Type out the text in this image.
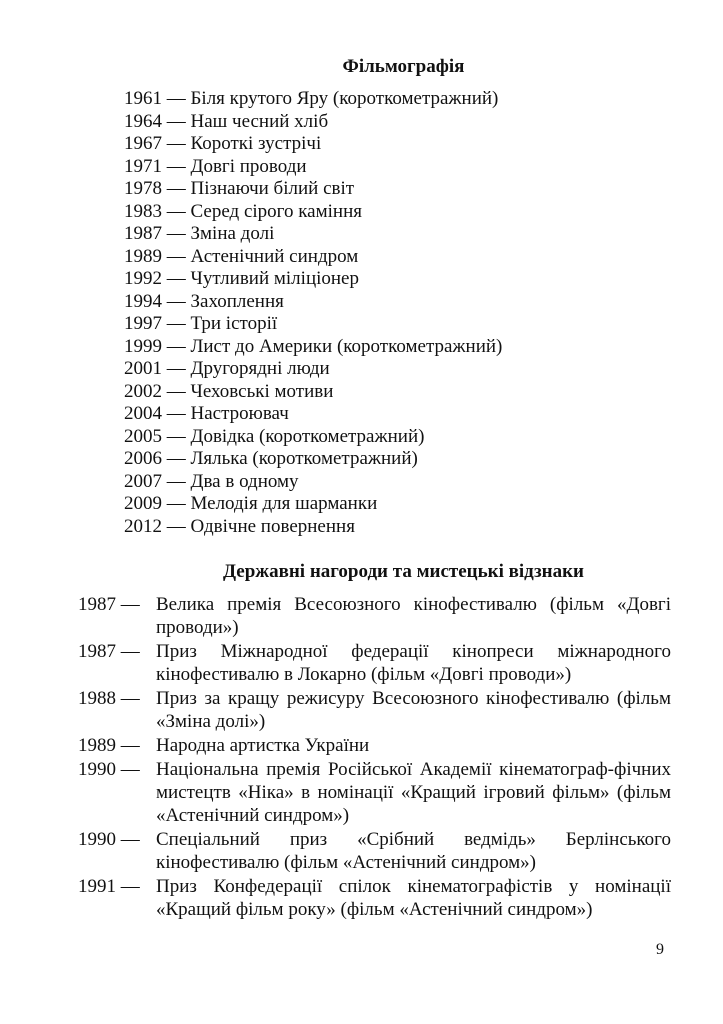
Фільмографія
1961 — Біля крутого Яру (короткометражний)
1964 — Наш чесний хліб
1967 — Короткі зустрічі
1971 — Довгі проводи
1978 — Пізнаючи білий світ
1983 — Серед сірого каміння
1987 — Зміна долі
1989 — Астенічний синдром
1992 — Чутливий міліціонер
1994 — Захоплення
1997 — Три історії
1999 — Лист до Америки (короткометражний)
2001 — Другорядні люди
2002 — Чеховські мотиви
2004 — Настроювач
2005 — Довідка (короткометражний)
2006 — Лялька (короткометражний)
2007 — Два в одному
2009 — Мелодія для шарманки
2012 — Одвічне повернення
Державні нагороди та мистецькі відзнаки
1987 — Велика премія Всесоюзного кінофестивалю (фільм «Довгі проводи»)
1987 — Приз Міжнародної федерації кінопреси міжнародного кінофестивалю в Локарно (фільм «Довгі проводи»)
1988 — Приз за кращу режисуру Всесоюзного кінофестивалю (фільм «Зміна долі»)
1989 — Народна артистка України
1990 — Національна премія Російської Академії кінематограф-фічних мистецтв «Ніка» в номінації «Кращий ігровий фільм» (фільм «Астенічний синдром»)
1990 — Спеціальний приз «Срібний ведмідь» Берлінського кінофестивалю (фільм «Астенічний синдром»)
1991 — Приз Конфедерації спілок кінематографістів у номінації «Кращий фільм року» (фільм «Астенічний синдром»)
9
